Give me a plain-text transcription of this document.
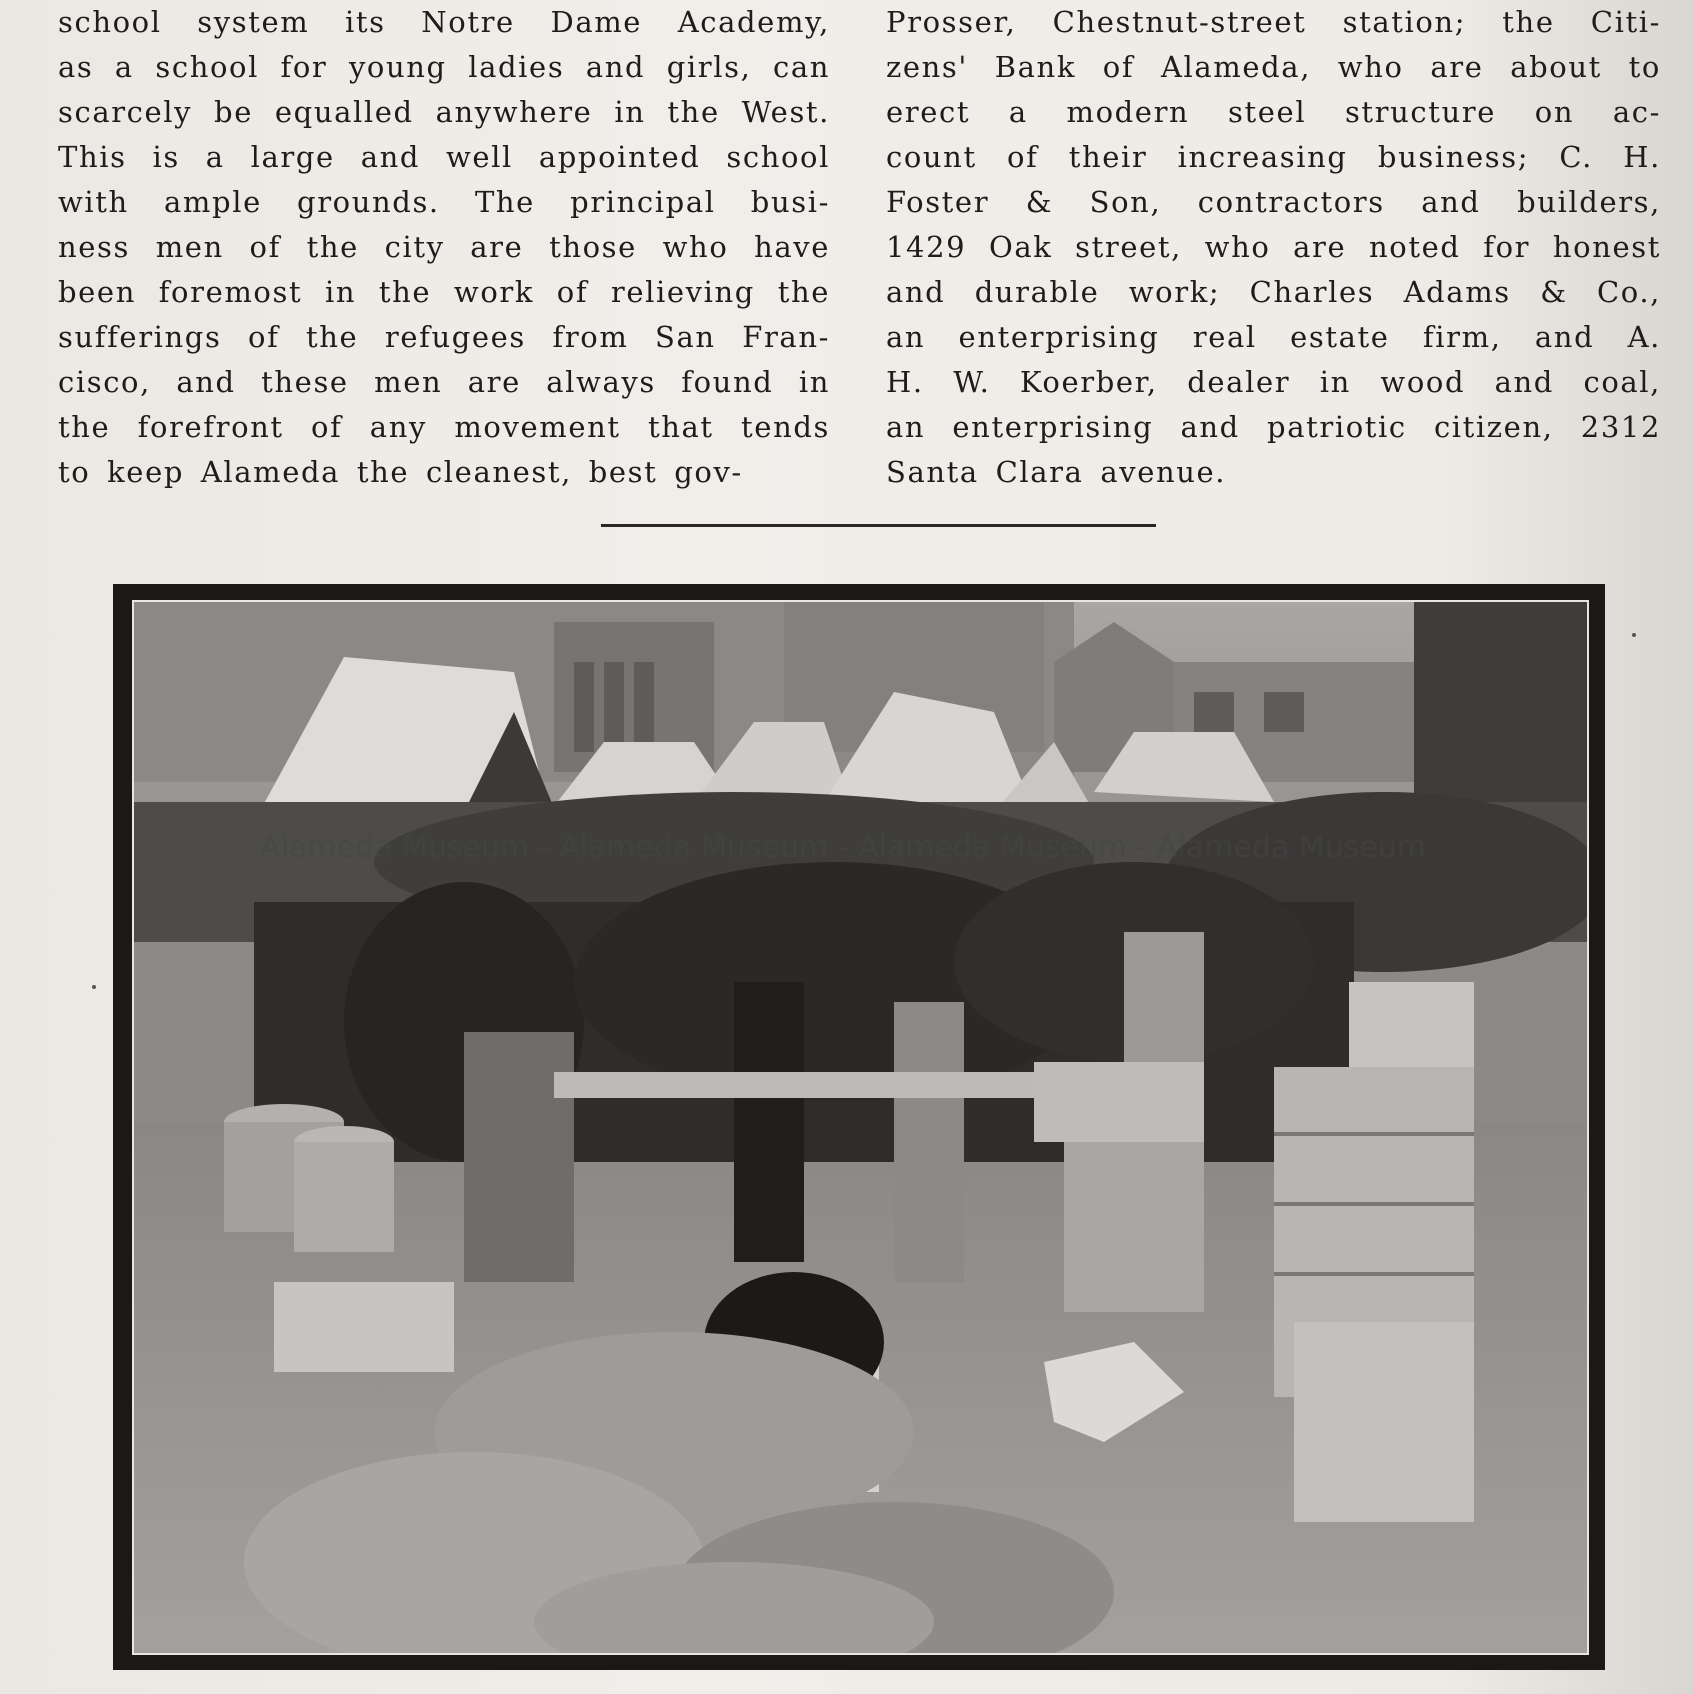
school system its Notre Dame Academy,
as a school for young ladies and girls, can
scarcely be equalled anywhere in the West.
This is a large and well appointed school
with ample grounds. The principal busi-
ness men of the city are those who have
been foremost in the work of relieving the
sufferings of the refugees from San Fran-
cisco, and these men are always found in
the forefront of any movement that tends
to keep Alameda the cleanest, best gov-
Prosser, Chestnut-street station; the Citi-
zens' Bank of Alameda, who are about to
erect a modern steel structure on ac-
count of their increasing business; C. H.
Foster & Son, contractors and builders,
1429 Oak street, who are noted for honest
and durable work; Charles Adams & Co.,
an enterprising real estate firm, and A.
H. W. Koerber, dealer in wood and coal,
an enterprising and patriotic citizen, 2312
Santa Clara avenue.
Alameda Museum - Alameda Museum - Alameda Museum - Alameda Museum
